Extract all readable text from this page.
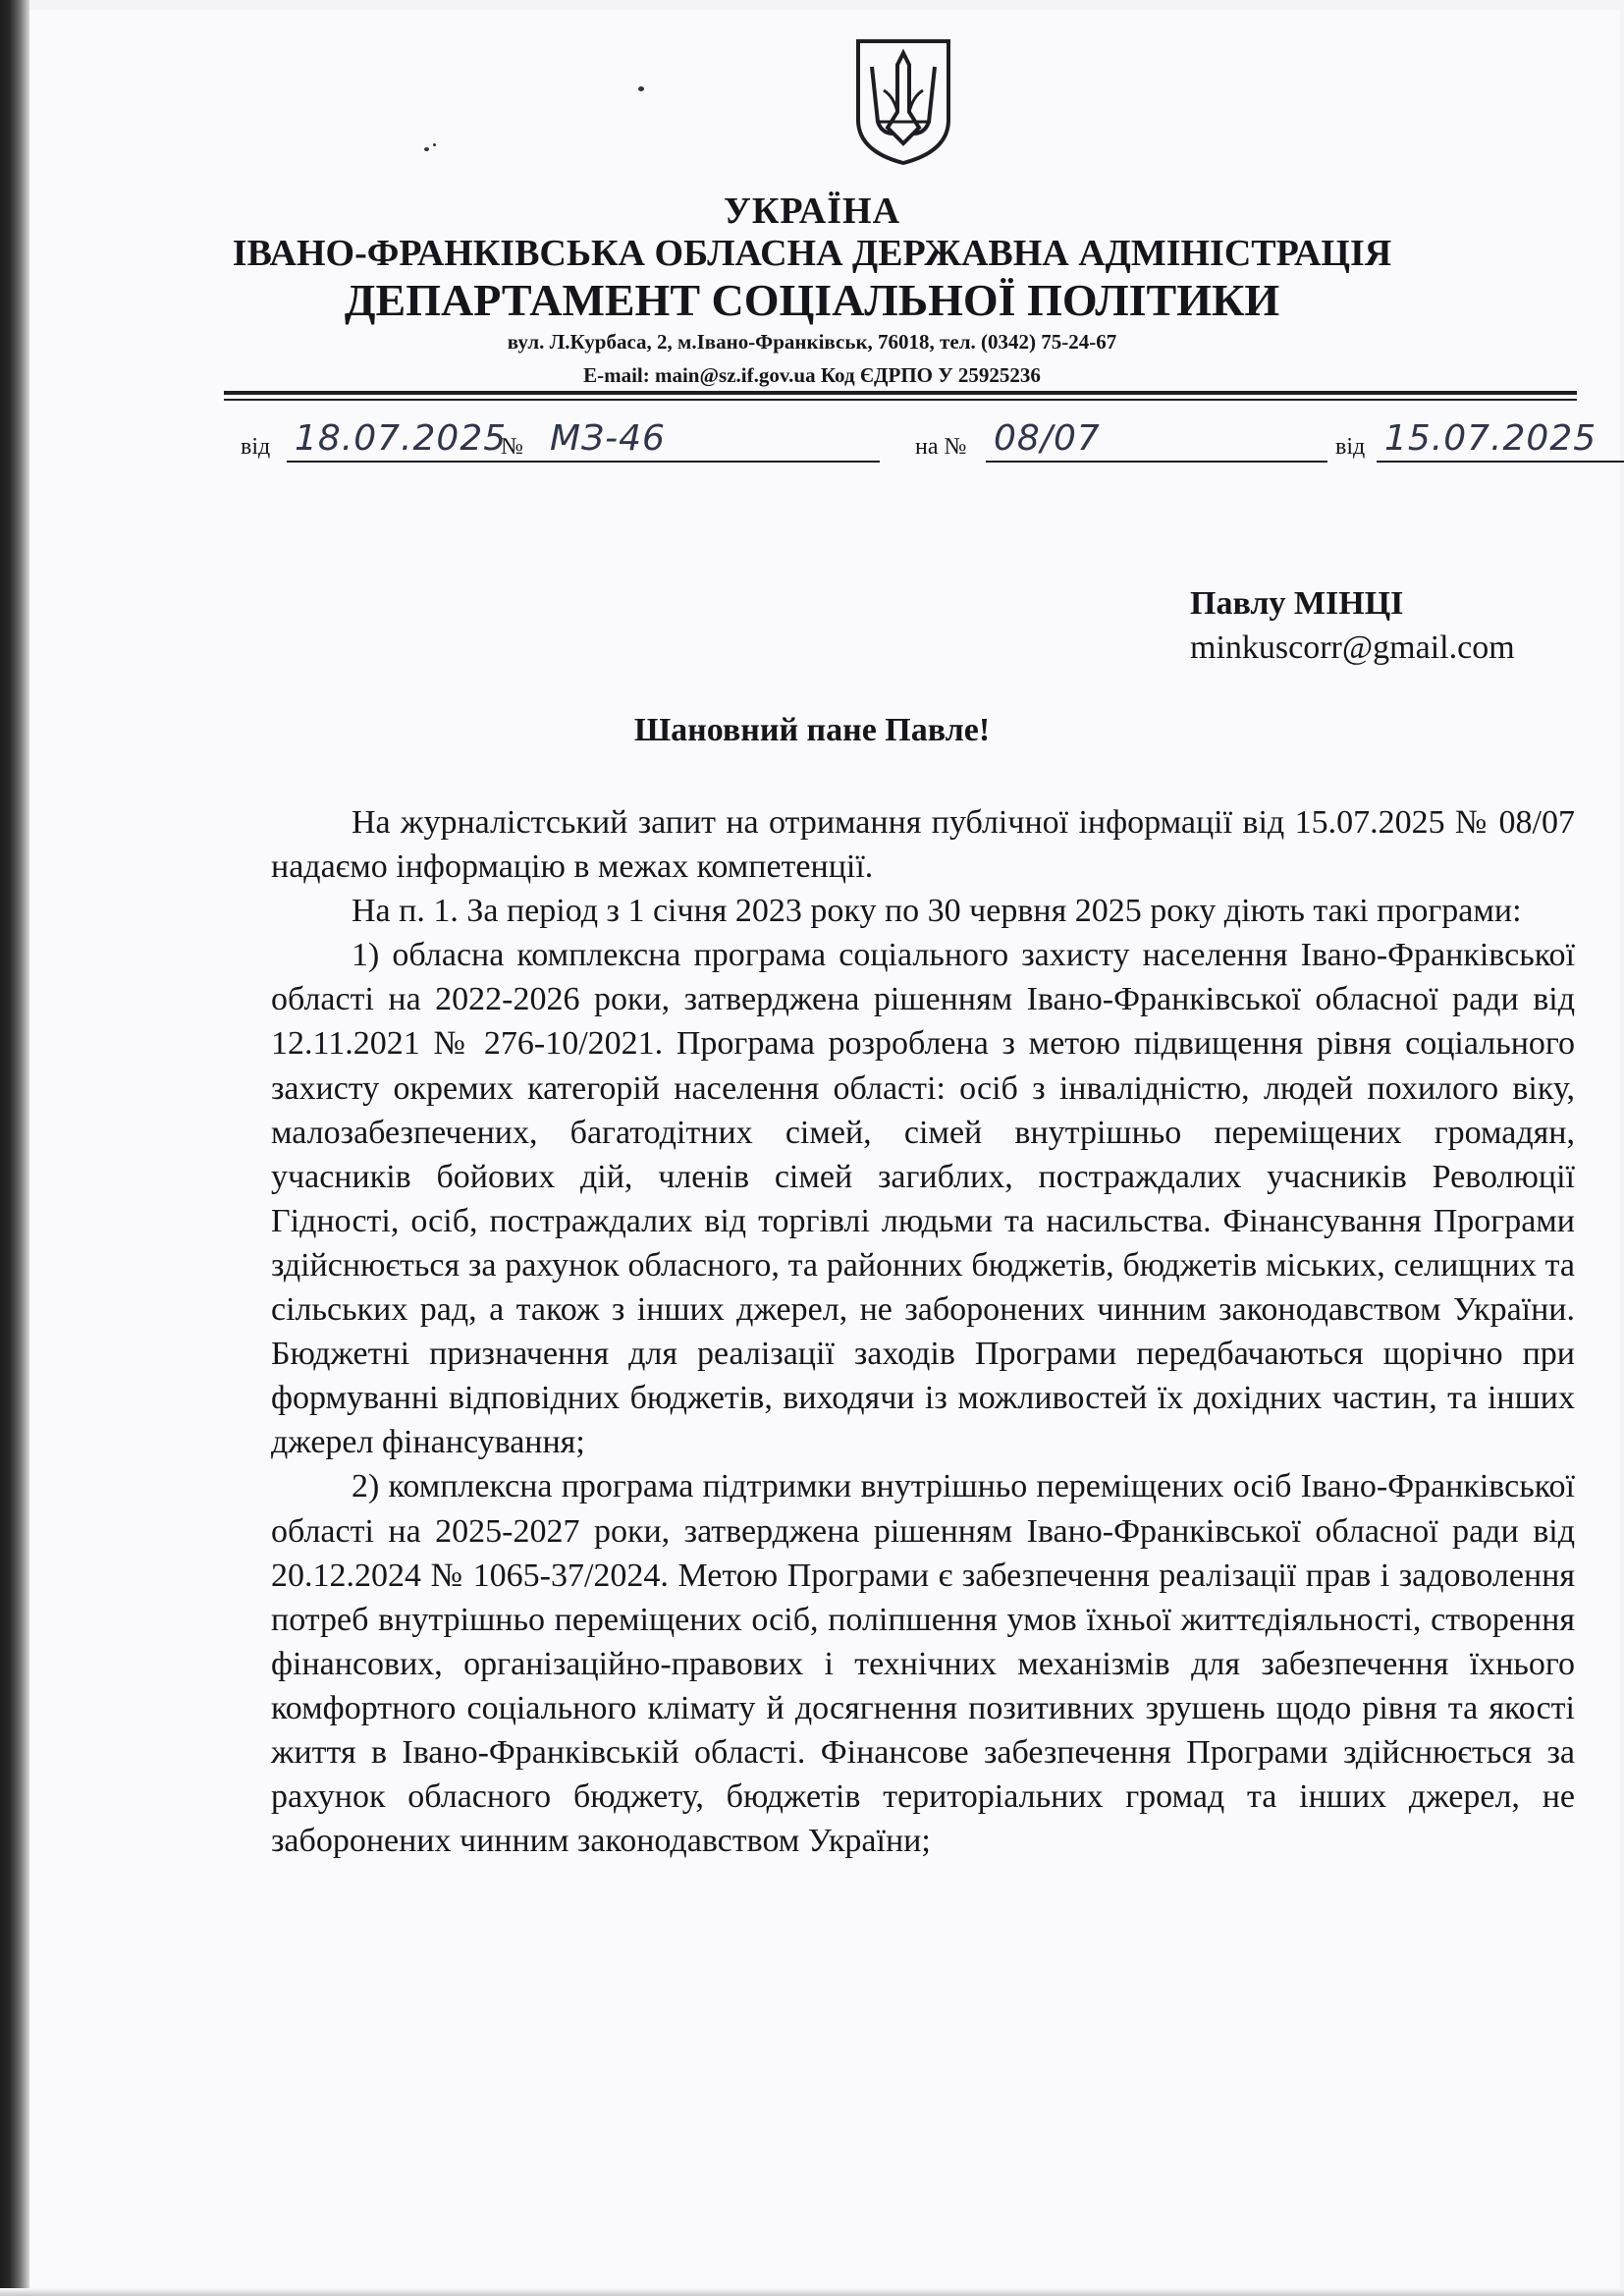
УКРАЇНА
ІВАНО-ФРАНКІВСЬКА ОБЛАСНА ДЕРЖАВНА АДМІНІСТРАЦІЯ
ДЕПАРТАМЕНТ СОЦІАЛЬНОЇ ПОЛІТИКИ
вул. Л.Курбаса, 2, м.Івано-Франківськ, 76018, тел. (0342) 75-24-67
E-mail: main@sz.if.gov.ua Код ЄДРПО У 25925236
від 18.07.2025
№ МЗ-46	на № 08/07	від 15.07.2025
Павлу МІНЦІ
minkuscorr@gmail.com
Шановний пане Павле!

На журналістський запит на отримання публічної інформації від 15.07.2025 № 08/07 надаємо інформацію в межах компетенції.

На п. 1. За період з 1 січня 2023 року по 30 червня 2025 року діють такі програми:

1) обласна комплексна програма соціального захисту населення Івано-Франківської області на 2022-2026 роки, затверджена рішенням Івано-Франківської обласної ради від 12.11.2021 № 276-10/2021. Програма розроблена з метою підвищення рівня соціального захисту окремих категорій населення області: осіб з інвалідністю, людей похилого віку, малозабезпечених, багатодітних сімей, сімей внутрішньо переміщених громадян, учасників бойових дій, членів сімей загиблих, постраждалих учасників Революції Гідності, осіб, постраждалих від торгівлі людьми та насильства. Фінансування Програми здійснюється за рахунок обласного, та районних бюджетів, бюджетів міських, селищних та сільських рад, а також з інших джерел, не заборонених чинним законодавством України. Бюджетні призначення для реалізації заходів Програми передбачаються щорічно при формуванні відповідних бюджетів, виходячи із можливостей їх дохідних частин, та інших джерел фінансування;

2) комплексна програма підтримки внутрішньо переміщених осіб Івано-Франківської області на 2025-2027 роки, затверджена рішенням Івано-Франківської обласної ради від 20.12.2024 № 1065-37/2024. Метою Програми є забезпечення реалізації прав і задоволення потреб внутрішньо переміщених осіб, поліпшення умов їхньої життєдіяльності, створення фінансових, організаційно-правових і технічних механізмів для забезпечення їхнього комфортного соціального клімату й досягнення позитивних зрушень щодо рівня та якості життя в Івано-Франківській області. Фінансове забезпечення Програми здійснюється за рахунок обласного бюджету, бюджетів територіальних громад та інших джерел, не заборонених чинним законодавством України;
